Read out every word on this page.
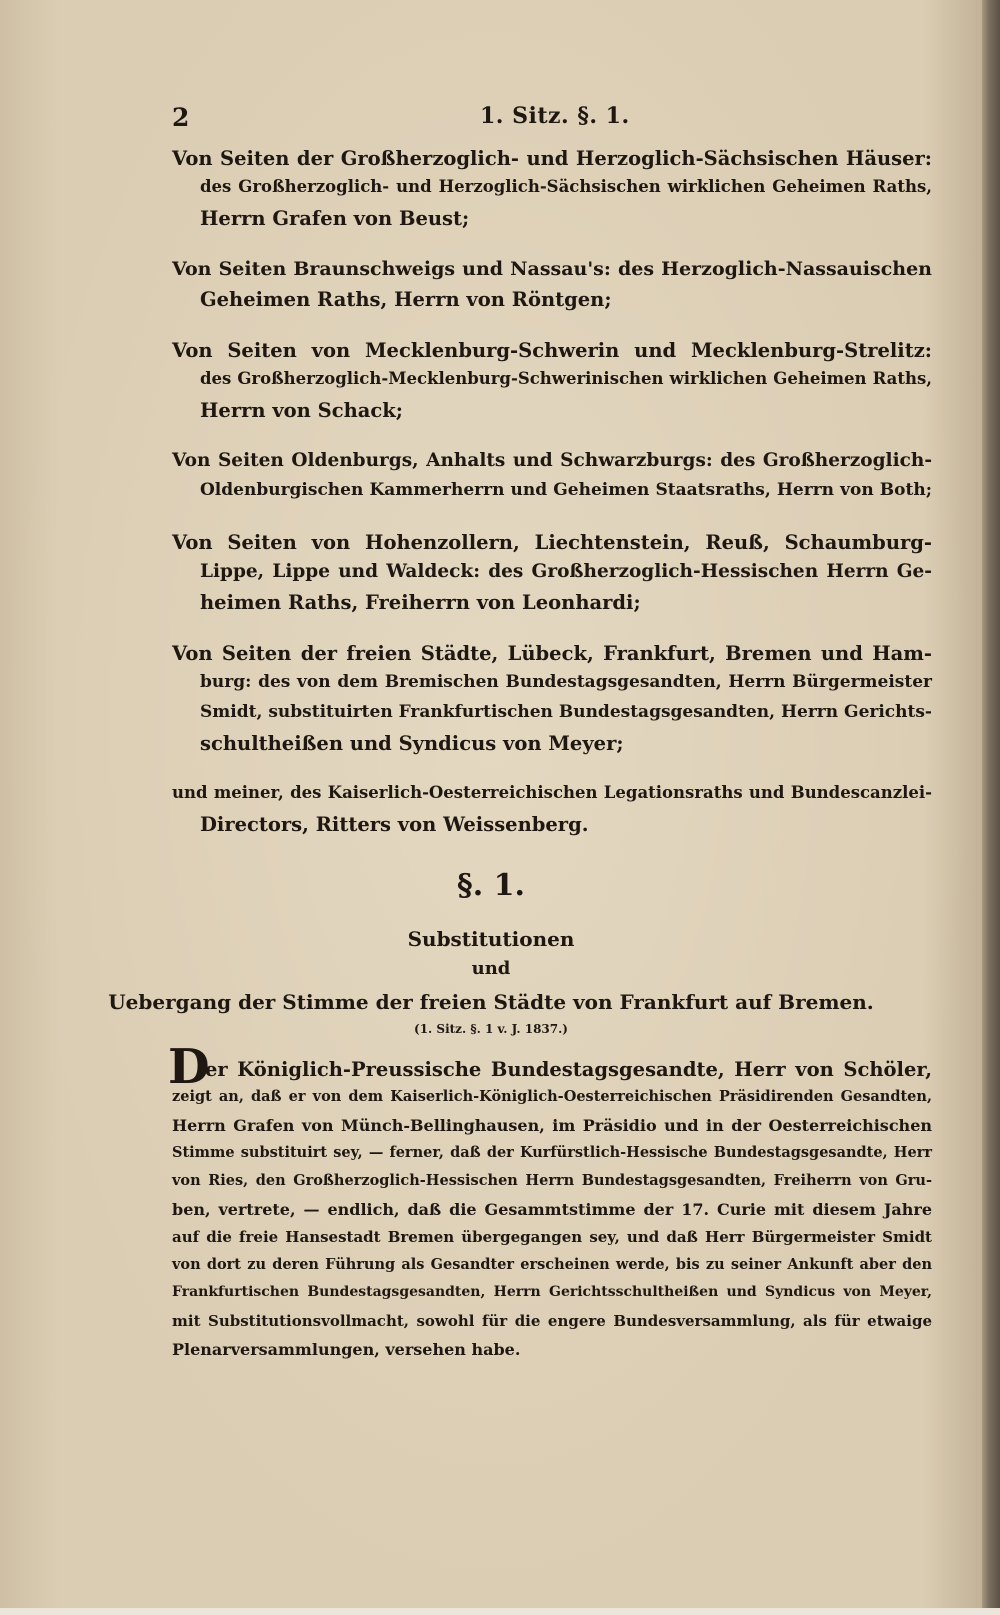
2	1. Sitz. §. 1.
Von Seiten der Großherzoglich- und Herzoglich-Sächsischen Häuser:
des Großherzoglich- und Herzoglich-Sächsischen wirklichen Geheimen Raths,
Herrn Grafen von Beust;
Von Seiten Braunschweigs und Nassau's: des Herzoglich-Nassauischen
Geheimen Raths, Herrn von Röntgen;
Von Seiten von Mecklenburg-Schwerin und Mecklenburg-Strelitz:
des Großherzoglich-Mecklenburg-Schwerinischen wirklichen Geheimen Raths,
Herrn von Schack;
Von Seiten Oldenburgs, Anhalts und Schwarzburgs: des Großherzoglich-
Oldenburgischen Kammerherrn und Geheimen Staatsraths, Herrn von Both;
Von Seiten von Hohenzollern, Liechtenstein, Reuß, Schaumburg-
Lippe, Lippe und Waldeck: des Großherzoglich-Hessischen Herrn Ge-
heimen Raths, Freiherrn von Leonhardi;
Von Seiten der freien Städte, Lübeck, Frankfurt, Bremen und Ham-
burg: des von dem Bremischen Bundestagsgesandten, Herrn Bürgermeister
Smidt, substituirten Frankfurtischen Bundestagsgesandten, Herrn Gerichts-
schultheißen und Syndicus von Meyer;
und meiner, des Kaiserlich-Oesterreichischen Legationsraths und Bundescanzlei-
Directors, Ritters von Weissenberg.
§. 1.
Substitutionen
und
Uebergang der Stimme der freien Städte von Frankfurt auf Bremen.
(1. Sitz. §. 1 v. J. 1837.)
D
er Königlich-Preussische Bundestagsgesandte, Herr von Schöler,
zeigt an, daß er von dem Kaiserlich-Königlich-Oesterreichischen Präsidirenden Gesandten,
Herrn Grafen von Münch-Bellinghausen, im Präsidio und in der Oesterreichischen
Stimme substituirt sey, — ferner, daß der Kurfürstlich-Hessische Bundestagsgesandte, Herr
von Ries, den Großherzoglich-Hessischen Herrn Bundestagsgesandten, Freiherrn von Gru-
ben, vertrete, — endlich, daß die Gesammtstimme der 17. Curie mit diesem Jahre
auf die freie Hansestadt Bremen übergegangen sey, und daß Herr Bürgermeister Smidt
von dort zu deren Führung als Gesandter erscheinen werde, bis zu seiner Ankunft aber den
Frankfurtischen Bundestagsgesandten, Herrn Gerichtsschultheißen und Syndicus von Meyer,
mit Substitutionsvollmacht, sowohl für die engere Bundesversammlung, als für etwaige
Plenarversammlungen, versehen habe.
